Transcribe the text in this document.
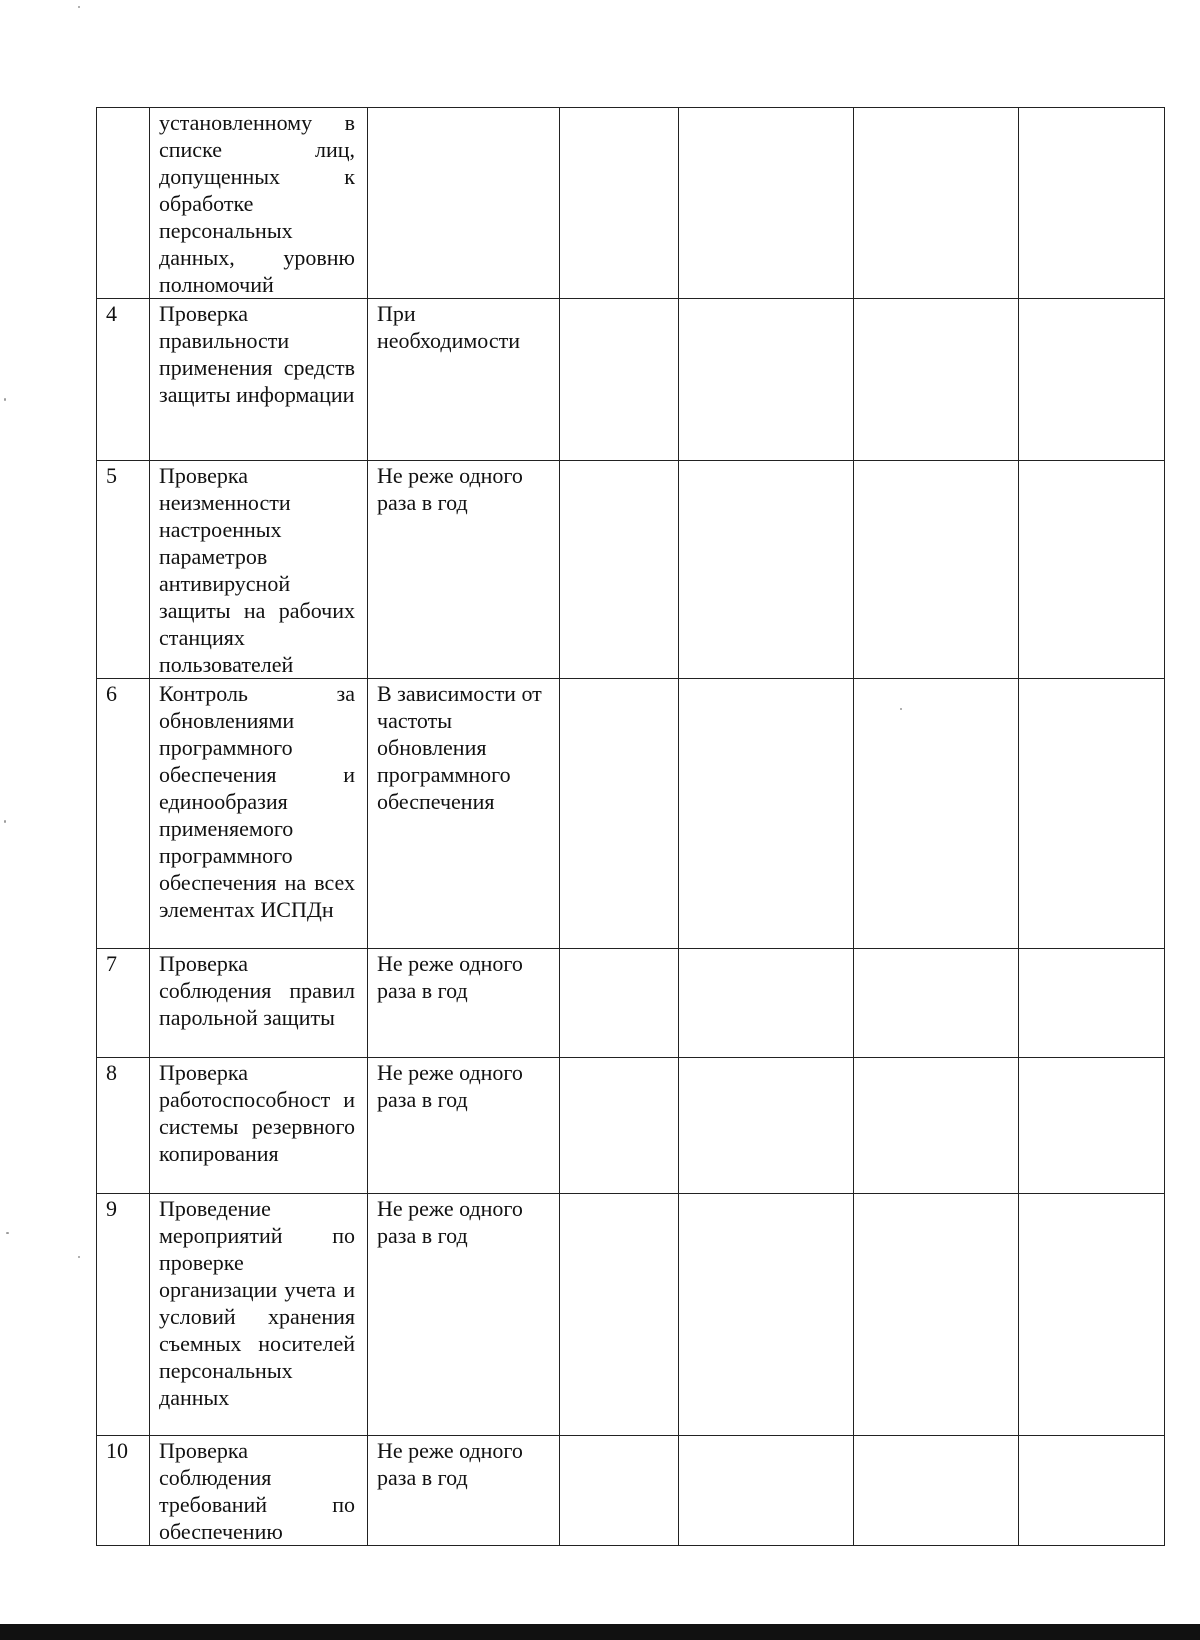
	установленному в списке лиц, допущенных к обработке персональных данных, уровню полномочий					
4	Проверка правильности применения средств защиты информации	При необходимости				
5	Проверка неизменности настроенных параметров антивирусной защиты на рабочих станциях пользователей	Не реже одного раза в год				
6	Контроль за обновлениями программного обеспечения и единообразия применяемого программного обеспечения на всех элементах ИСПДн	В зависимости от частоты обновления программного обеспечения				
7	Проверка соблюдения правил парольной защиты	Не реже одного раза в год				
8	Проверка работоспособност и системы резервного копирования	Не реже одного раза в год				
9	Проведение мероприятий по проверке организации учета и условий хранения съемных носителей персональных данных	Не реже одного раза в год				
10	Проверка соблюдения требований по обеспечению	Не реже одного раза в год				
